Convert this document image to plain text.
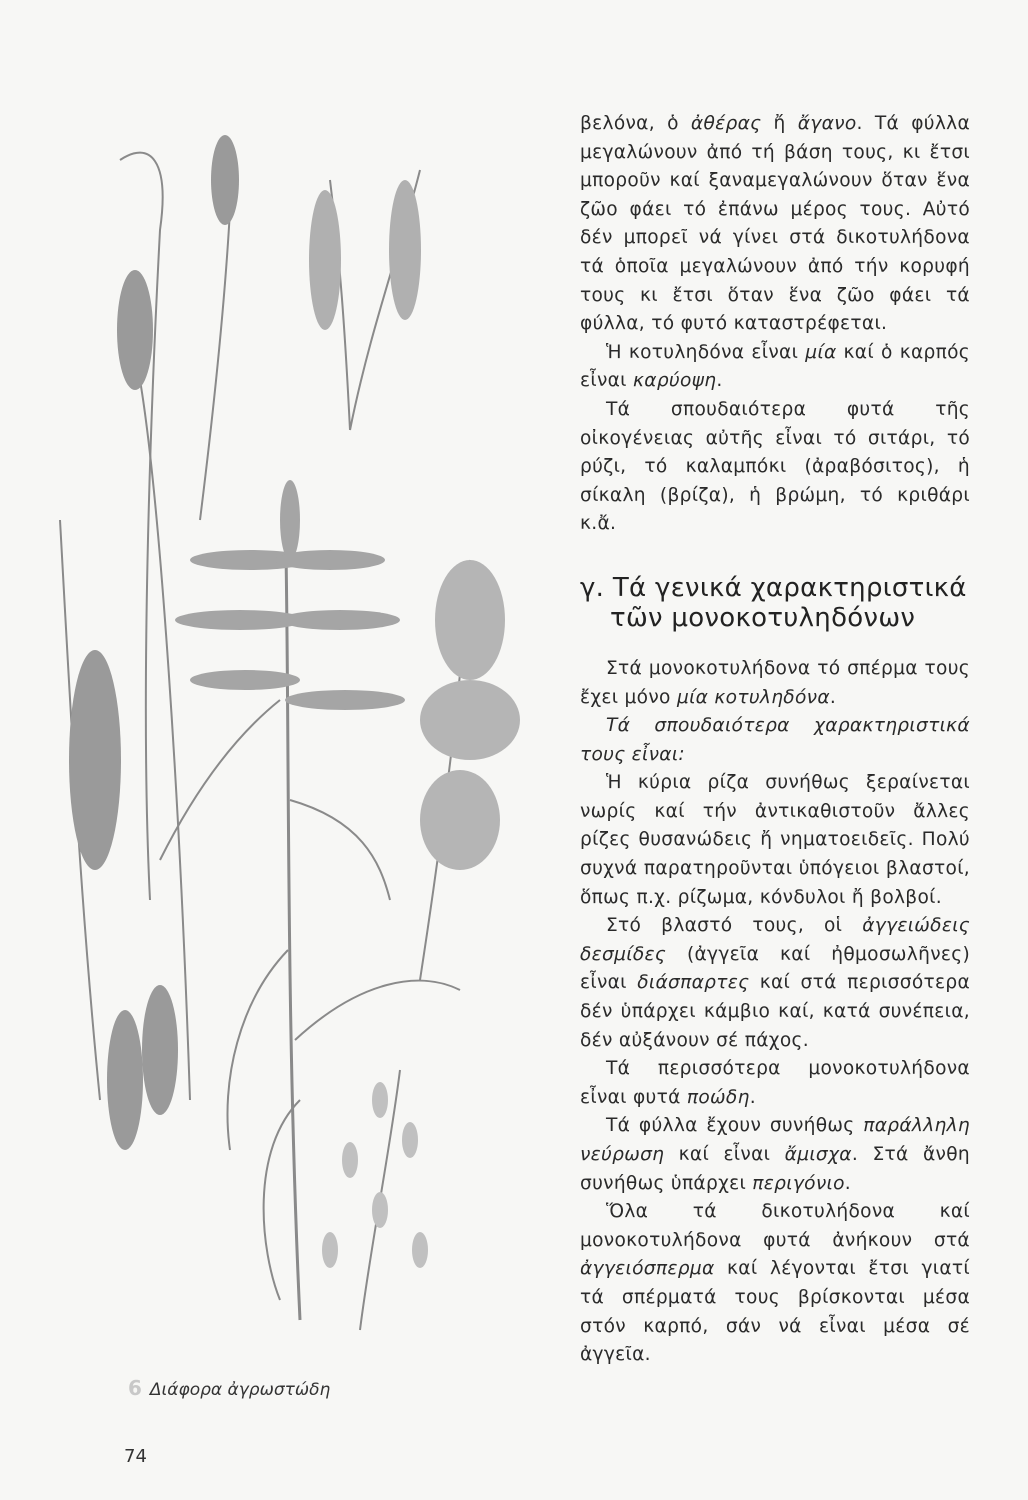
βελόνα, ὁ ἀθέρας ἤ ἄγανο. Τά φύλλα μεγαλώνουν ἀπό τή βάση τους, κι ἔτσι μποροῦν καί ξαναμεγαλώνουν ὅταν ἕνα ζῶο φάει τό ἐπάνω μέρος τους. Αὐτό δέν μπορεῖ νά γίνει στά δικοτυλήδονα τά ὁποῖα μεγαλώνουν ἀπό τήν κορυφή τους κι ἔτσι ὅταν ἕνα ζῶο φάει τά φύλλα, τό φυτό καταστρέφεται.

Ἡ κοτυληδόνα εἶναι μία καί ὁ καρπός εἶναι καρύοψη.

Τά σπουδαιότερα φυτά τῆς οἰκογένειας αὐτῆς εἶναι τό σιτάρι, τό ρύζι, τό καλαμπόκι (ἀραβόσιτος), ἡ σίκαλη (βρίζα), ἡ βρώμη, τό κριθάρι κ.ἄ.

γ. Τά γενικά χαρακτηριστικά
τῶν μονοκοτυληδόνων

Στά μονοκοτυλήδονα τό σπέρμα τους ἔχει μόνο μία κοτυληδόνα.

Τά σπουδαιότερα χαρακτηριστικά τους εἶναι:

Ἡ κύρια ρίζα συνήθως ξεραίνεται νωρίς καί τήν ἀντικαθιστοῦν ἄλλες ρίζες θυσανώδεις ἤ νηματοειδεῖς. Πολύ συχνά παρατηροῦνται ὑπόγειοι βλαστοί, ὅπως π.χ. ρίζωμα, κόνδυλοι ἤ βολβοί.

Στό βλαστό τους, οἱ ἀγγειώδεις δεσμίδες (ἀγγεῖα καί ἠθμοσωλῆνες) εἶναι διάσπαρτες καί στά περισσότερα δέν ὑπάρχει κάμβιο καί, κατά συνέπεια, δέν αὐξάνουν σέ πάχος.

Τά περισσότερα μονοκοτυλήδονα εἶναι φυτά ποώδη.

Τά φύλλα ἔχουν συνήθως παράλληλη νεύρωση καί εἶναι ἄμισχα. Στά ἄνθη συνήθως ὑπάρχει περιγόνιο.

Ὅλα τά δικοτυλήδονα καί μονοκοτυλήδονα φυτά ἀνήκουν στά ἀγγειόσπερμα καί λέγονται ἔτσι γιατί τά σπέρματά τους βρίσκονται μέσα στόν καρπό, σάν νά εἶναι μέσα σέ ἀγγεῖα.

6 Διάφορα ἀγρωστώδη
74
